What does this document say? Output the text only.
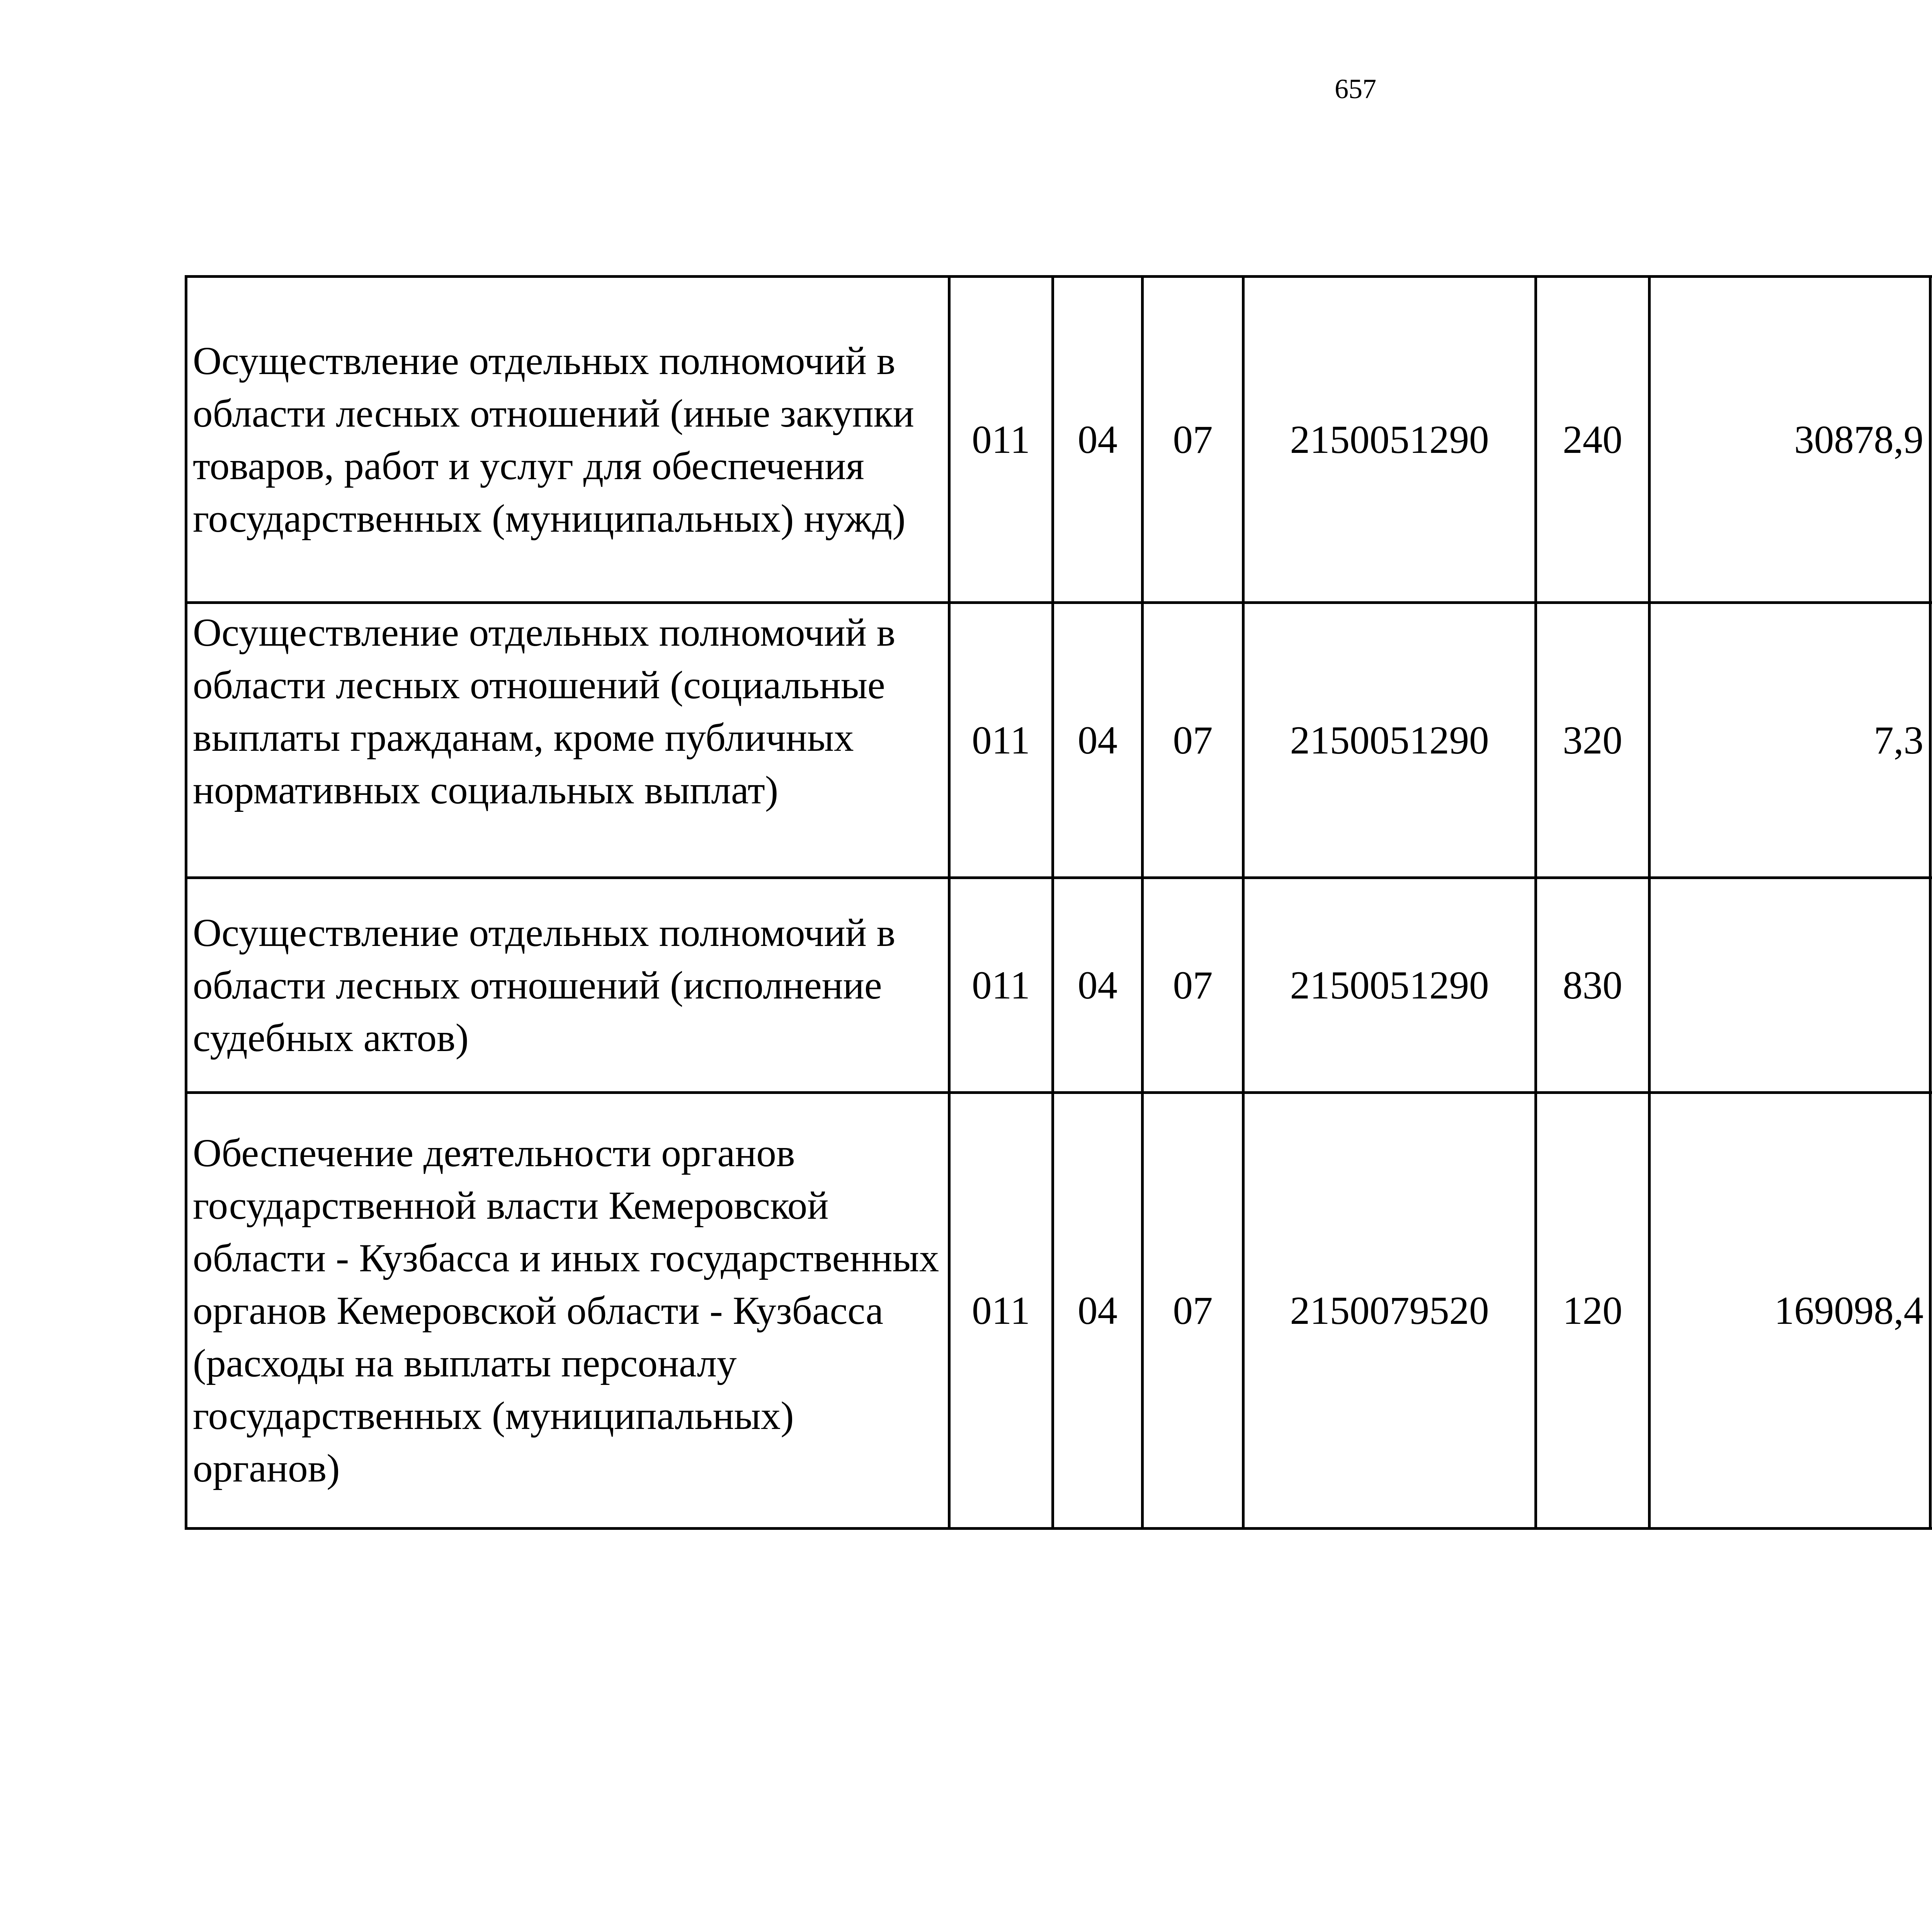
657
Осуществление отдельных полномочий в области лесных отношений (иные закупки товаров, работ и услуг для обеспечения государственных (муниципальных) нужд)	011	04	07	2150051290	240	30878,9		
Осуществление отдельных полномочий в области лесных отношений (социальные выплаты гражданам, кроме публичных нормативных социальных выплат)	011	04	07	2150051290	320	7,3		
Осуществление отдельных полномочий в области лесных отношений (исполнение судебных актов)	011	04	07	2150051290	830			
Обеспечение деятельности органов государственной власти Кемеровской области - Кузбасса и иных государственных органов Кемеровской области - Кузбасса (расходы на выплаты персоналу государственных (муниципальных) органов)	011	04	07	2150079520	120	169098,4		
